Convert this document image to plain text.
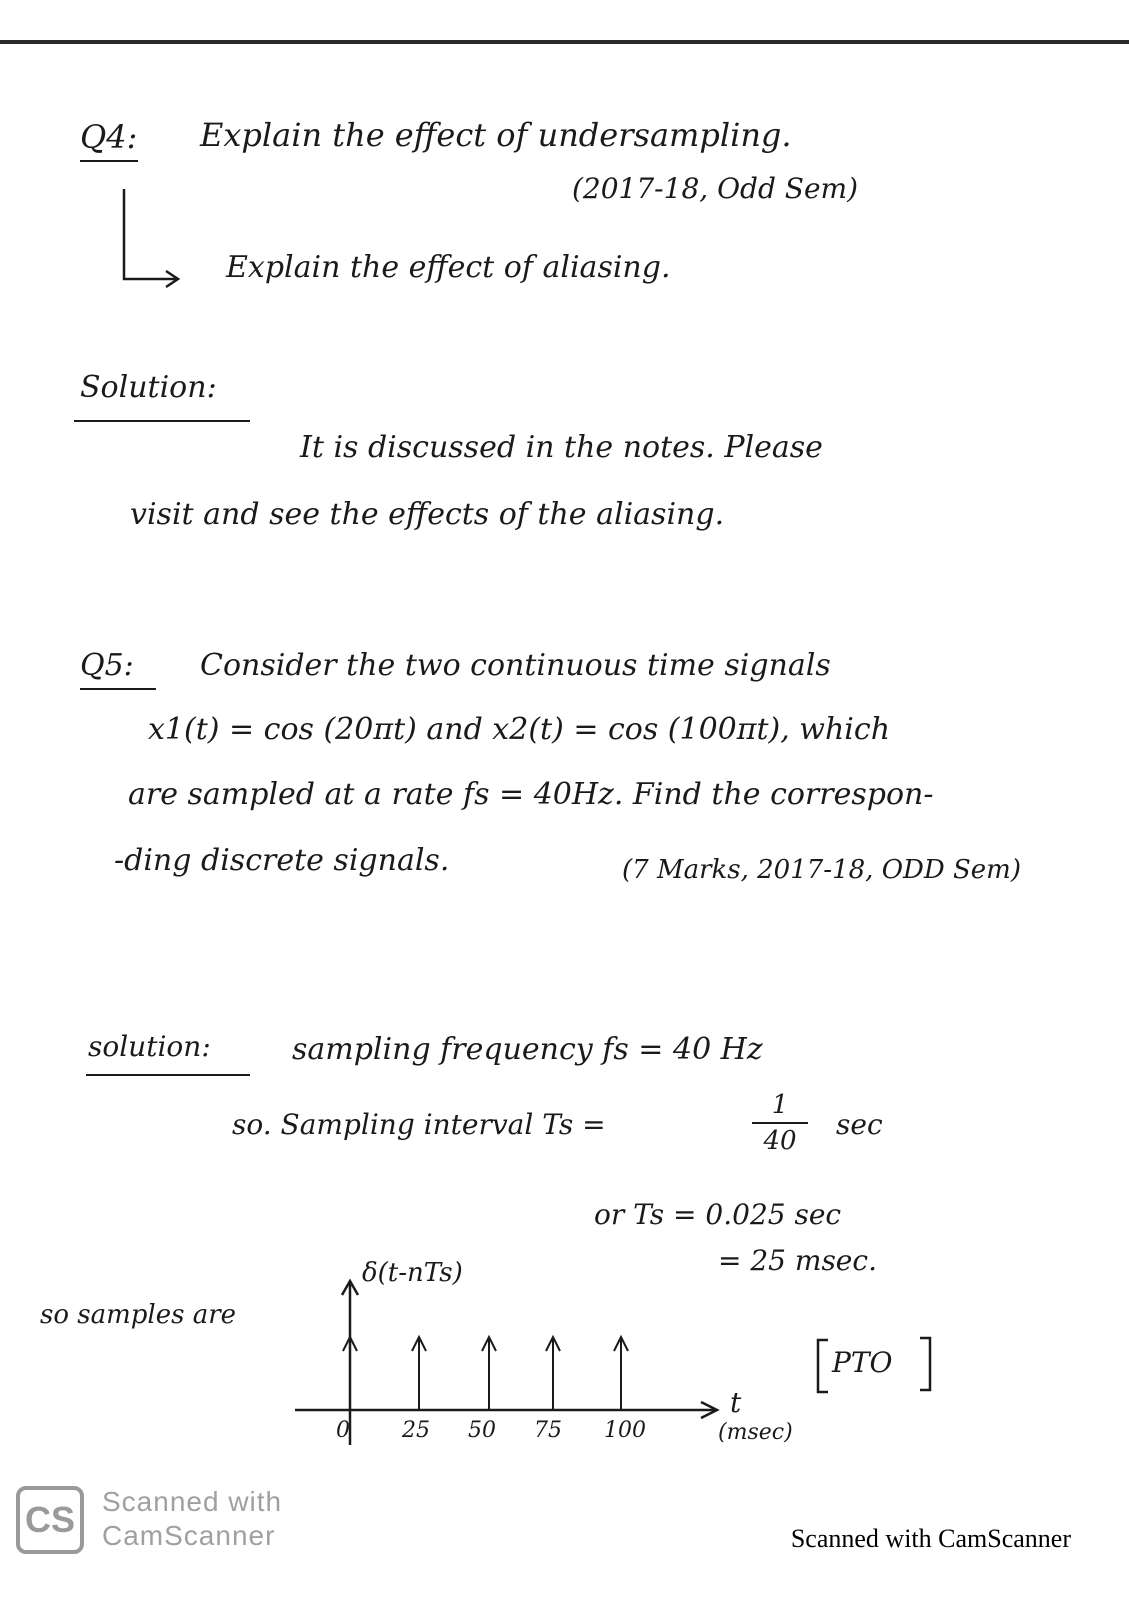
Q4: Explain the effect of undersampling.
(2017-18, Odd Sem)
Explain the effect of aliasing.
Solution:
It is discussed in the notes. Please
visit and see the effects of the aliasing.
Q5: Consider the two continuous time signals
x1(t) = cos (20πt) and x2(t) = cos (100πt), which
are sampled at a rate fs = 40Hz. Find the correspon-
-ding discrete signals.	(7 Marks, 2017-18, ODD Sem)
solution:	sampling frequency fs = 40 Hz
so. Sampling interval Ts =
1
40	sec
or Ts = 0.025 sec
= 25 msec.
so samples are
δ(t-nTs)
0 25 50 75 100
t
(msec)
PTO
CS Scanned with
CamScanner	Scanned with CamScanner
